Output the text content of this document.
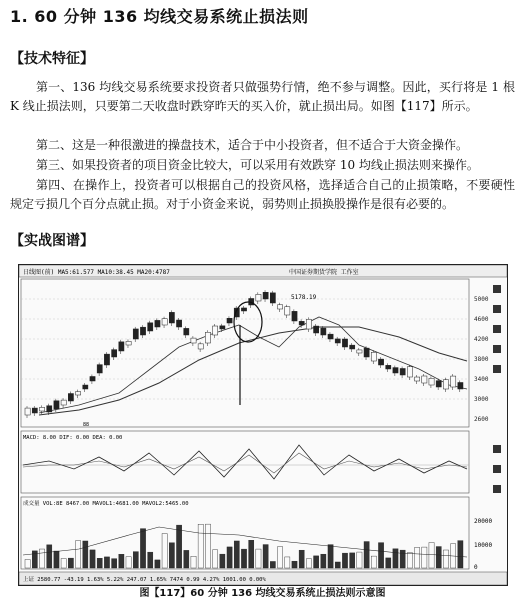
1. 60 分钟 136 均线交易系统止损法则
【技术特征】
第一、136 均线交易系统要求投资者只做强势行情，绝不参与调整。因此，买行将是 1 根 K 线止损法则，只要第二天收盘时跌穿昨天的买入价，就止损出局。如图【117】所示。
第二、这是一种很激进的操盘技术，适合于中小投资者，但不适合于大资金操作。
第三、如果投资者的项目资金比较大，可以采用有效跌穿 10 均线止损法则来操作。
第四、在操作上，投资者可以根据自己的投资风格，选择适合自己的止损策略，不要硬性规定亏损几个百分点就止损。对于小资金来说，弱势则止损换股操作是很有必要的。
【实战图谱】
日线图(前) MA5:61.577 MA10:38.45 MA20:4787	中国证券期货学院 工作室
5000
4600
4200
3800
3400
3000
2600
5178.19
88
MACD: 8.00 DIF: 0.00 DEA: 0.00
成交量 VOL:8E 8467.00 MAVOL1:4681.00 MAVOL2:5465.00
20000
10000
0
上证 2580.77 -43.19 1.63% 5.22% 247.07 1.65% 7474 0.99 4.27% 1001.00 0.00%
图【117】60 分钟 136 均线交易系统止损法则示意图
